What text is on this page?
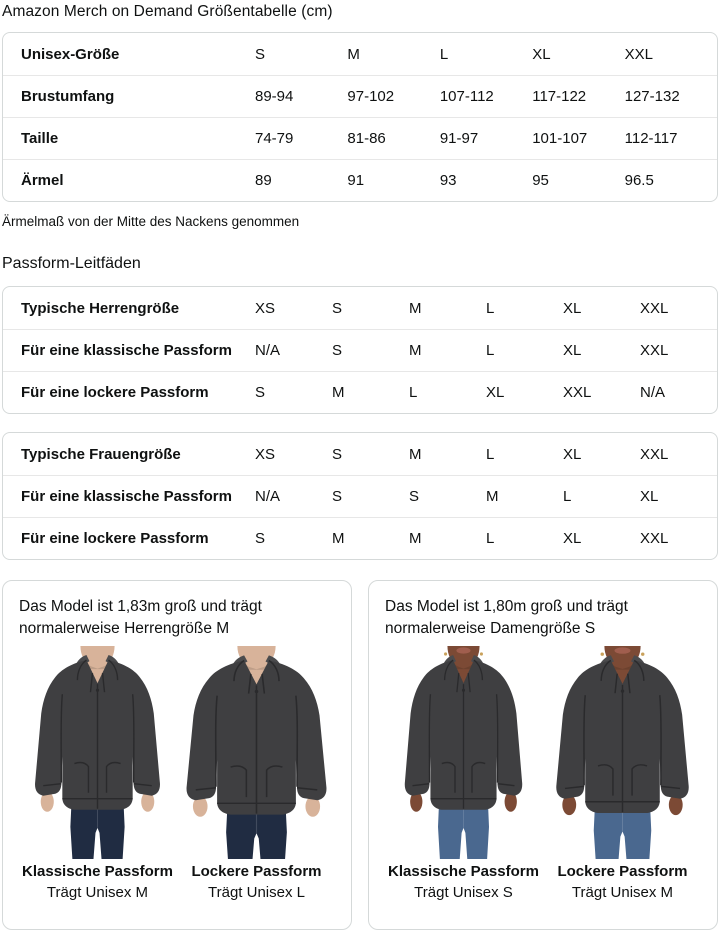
Amazon Merch on Demand Größentabelle (cm)
Unisex-Größe	S	M	L	XL	XXL
Brustumfang	89-94	97-102	107-112	117-122	127-132
Taille	74-79	81-86	91-97	101-107	112-117
Ärmel	89	91	93	95	96.5
Ärmelmaß von der Mitte des Nackens genommen
Passform-Leitfäden
Typische Herrengröße	XS	S	M	L	XL	XXL
Für eine klassische Passform	N/A	S	M	L	XL	XXL
Für eine lockere Passform	S	M	L	XL	XXL	N/A
Typische Frauengröße	XS	S	M	L	XL	XXL
Für eine klassische Passform	N/A	S	S	M	L	XL
Für eine lockere Passform	S	M	M	L	XL	XXL

Das Model ist 1,83m groß und trägt normalerweise Herrengröße M

Klassische Passform
Trägt Unisex M
Lockere Passform
Trägt Unisex L

Das Model ist 1,80m groß und trägt normalerweise Damengröße S

Klassische Passform
Trägt Unisex S
Lockere Passform
Trägt Unisex M
